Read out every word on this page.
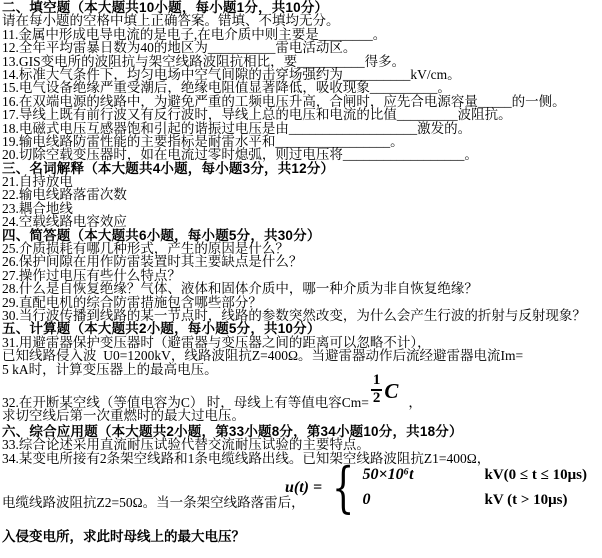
二、填空题（本大题共10小题，每小题1分，共10分）
请在每小题的空格中填上正确答案。错填、不填均无分。
11.金属中形成电导电流的是电子,在电介质中则主要是________。
12.全年平均雷暴日数为40的地区为__________雷电活动区。
13.GIS变电所的波阻抗与架空线路波阻抗相比，要__________得多。
14.标准大气条件下，均匀电场中空气间隙的击穿场强约为__________kV/cm。
15.电气设备绝缘严重受潮后，绝缘电阻值显著降低，吸收现象__________。
16.在双端电源的线路中，为避免严重的工频电压升高，合闸时，应先合电源容量_____的一侧。
17.导线上既有前行波又有反行波时，导线上总的电压和电流的比值_________波阻抗。
18.电磁式电压互感器饱和引起的谐振过电压是由___________________激发的。
19.输电线路防雷性能的主要指标是耐雷水平和_________________。
20.切除空载变压器时，如在电流过零时熄弧，则过电压将__________________。
三、名词解释（本大题共4小题，每小题3分，共12分）
21.自持放电
22.输电线路落雷次数
23.耦合地线
24.空载线路电容效应
四、简答题（本大题共6小题，每小题5分，共30分）
25.介质损耗有哪几种形式，产生的原因是什么？
26.保护间隙在用作防雷装置时其主要缺点是什么？
27.操作过电压有些什么特点？
28.什么是自恢复绝缘？气体、液体和固体介质中，哪一种介质为非自恢复绝缘？
29.直配电机的综合防雷措施包含哪些部分？
30.当行波传播到线路的某一节点时，线路的参数突然改变，为什么会产生行波的折射与反射现象？
五、计算题（本大题共2小题，每小题5分，共10分）
31.用避雷器保护变压器时（避雷器与变压器之间的距离可以忽略不计），
已知线路侵入波  U0=1200kV，线路波阻抗Z=400Ω。当避雷器动作后流经避雷器电流Im=
5 kA时，计算变压器上的最高电压。
32.在开断某空线（等值电容为C） 时，母线上有等值电容$Cm= \frac{1}{2}$ C ，
求切空线后第一次重燃时的最大过电压。
六、综合应用题（本大题共2小题，第33小题8分，第34小题10分，共18分）
33.综合论述采用直流耐压试验代替交流耐压试验的主要特点。
34.某变电所接有2条架空线路和1条电缆线路出线。已知架空线路波阻抗Z1=400Ω，
u(t) = { 50×10⁶t	kV(0 ≤ t ≤ 10μs)
0	kV (t > 10μs)
电缆线路波阻抗Z2=50Ω。当一条架空线路落雷后，
入侵变电所，求此时母线上的最大电压？
